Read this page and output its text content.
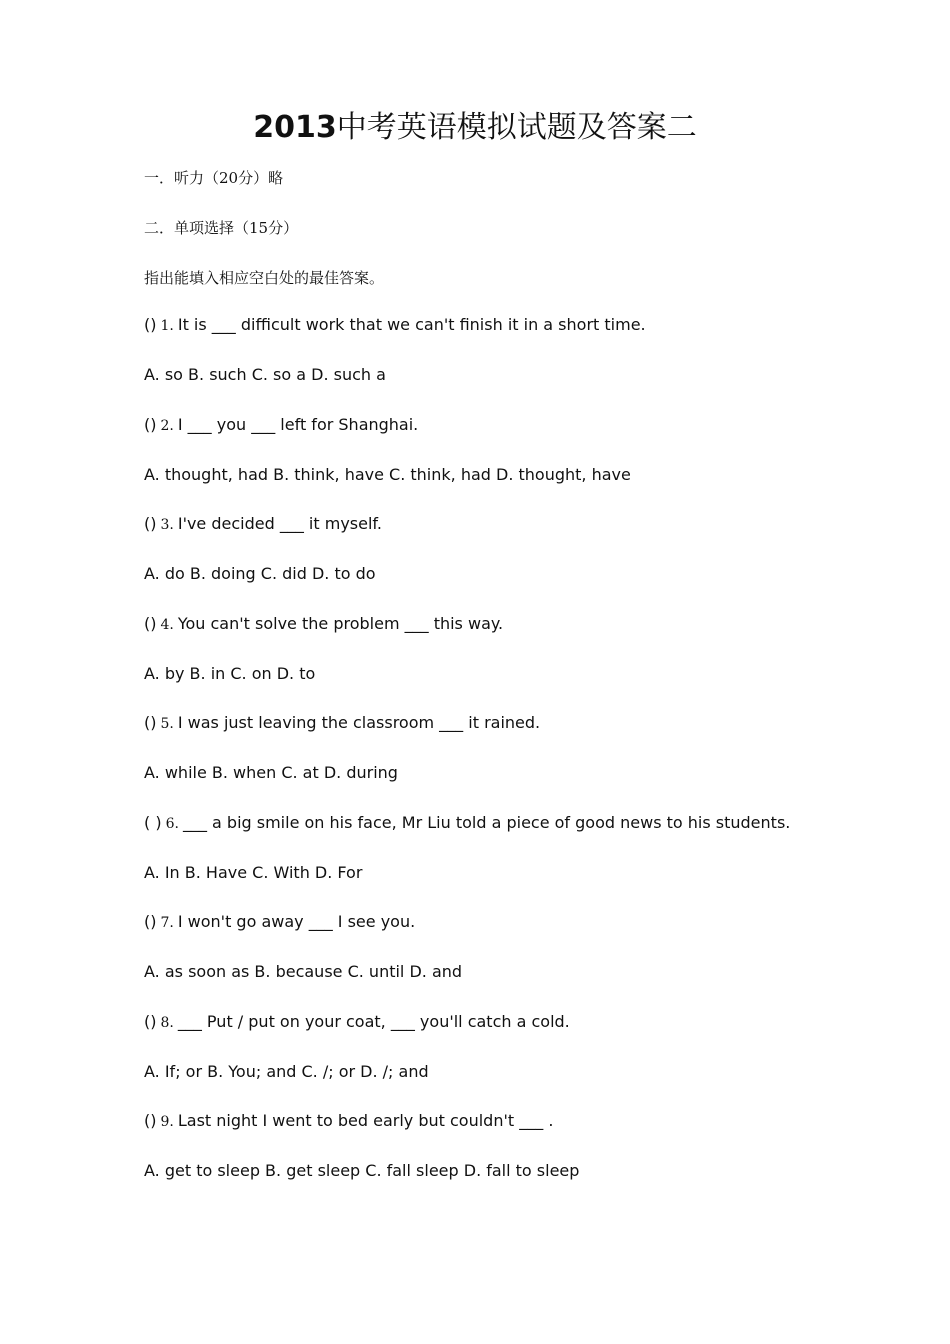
2013中考英语模拟试题及答案二
一．听力（20分）略
二．单项选择（15分）
指出能填入相应空白处的最佳答案。
() 1. It is ___ difficult work that we can't finish it in a short time.
A. so B. such C. so a D. such a
() 2. I ___ you ___ left for Shanghai.
A. thought, had B. think, have C. think, had D. thought, have
() 3. I've decided ___ it myself.
A. do B. doing C. did D. to do
() 4. You can't solve the problem ___ this way.
A. by B. in C. on D. to
() 5. I was just leaving the classroom ___ it rained.
A. while B. when C. at D. during
( ) 6. ___ a big smile on his face, Mr Liu told a piece of good news to his students.
A. In B. Have C. With D. For
() 7. I won't go away ___ I see you.
A. as soon as B. because C. until D. and
() 8. ___ Put / put on your coat, ___ you'll catch a cold.
A. If; or B. You; and C. /; or D. /; and
() 9. Last night I went to bed early but couldn't ___ .
A. get to sleep B. get sleep C. fall sleep D. fall to sleep
